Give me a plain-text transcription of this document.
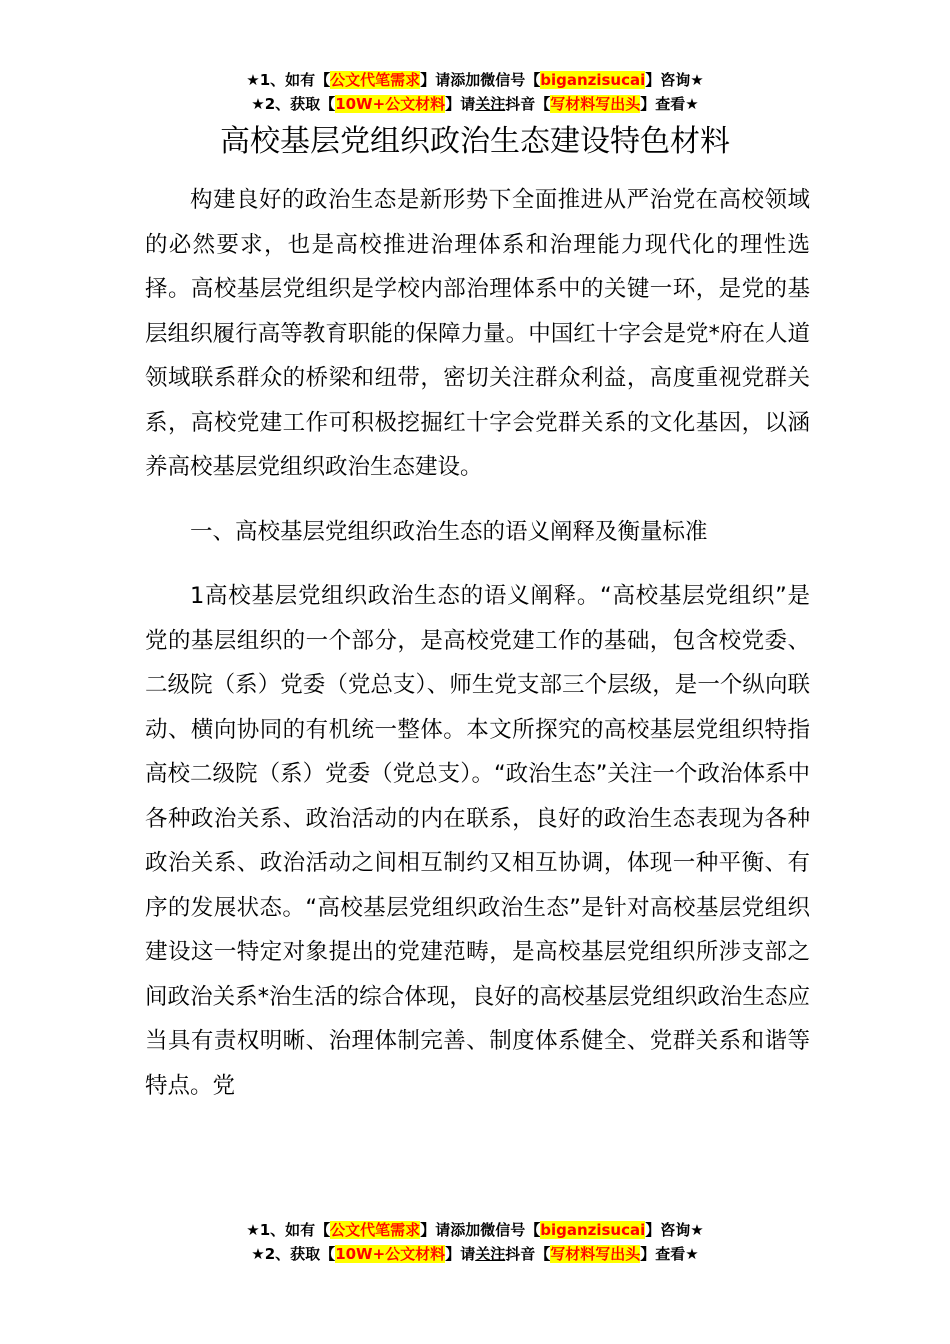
★1、如有【公文代笔需求】请添加微信号【biganzisucai】咨询★
★2、获取【10W+公文材料】请关注抖音【写材料写出头】查看★
高校基层党组织政治生态建设特色材料

构建良好的政治生态是新形势下全面推进从严治党在高校领域的必然要求，也是高校推进治理体系和治理能力现代化的理性选择。高校基层党组织是学校内部治理体系中的关键一环，是党的基层组织履行高等教育职能的保障力量。中国红十字会是党*府在人道领域联系群众的桥梁和纽带，密切关注群众利益，高度重视党群关系，高校党建工作可积极挖掘红十字会党群关系的文化基因，以涵养高校基层党组织政治生态建设。

一、高校基层党组织政治生态的语义阐释及衡量标准

1高校基层党组织政治生态的语义阐释。“高校基层党组织”是党的基层组织的一个部分，是高校党建工作的基础，包含校党委、二级院（系）党委（党总支）、师生党支部三个层级，是一个纵向联动、横向协同的有机统一整体。本文所探究的高校基层党组织特指高校二级院（系）党委（党总支）。“政治生态”关注一个政治体系中各种政治关系、政治活动的内在联系，良好的政治生态表现为各种政治关系、政治活动之间相互制约又相互协调，体现一种平衡、有序的发展状态。“高校基层党组织政治生态”是针对高校基层党组织建设这一特定对象提出的党建范畴，是高校基层党组织所涉支部之间政治关系*治生活的综合体现，良好的高校基层党组织政治生态应当具有责权明晰、治理体制完善、制度体系健全、党群关系和谐等特点。党

★1、如有【公文代笔需求】请添加微信号【biganzisucai】咨询★
★2、获取【10W+公文材料】请关注抖音【写材料写出头】查看★
